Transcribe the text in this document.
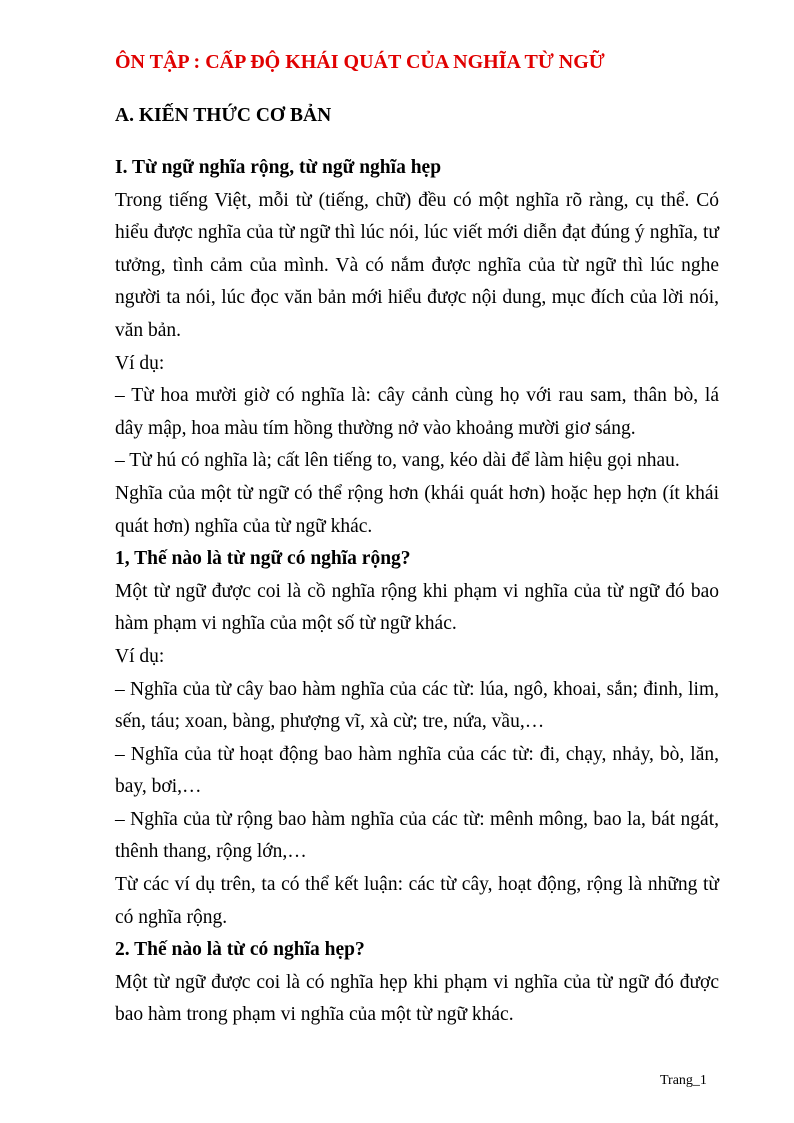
ÔN TẬP : CẤP ĐỘ KHÁI QUÁT CỦA NGHĨA TỪ NGỮ
A. KIẾN THỨC CƠ BẢN
I. Từ ngữ nghĩa rộng, từ ngữ nghĩa hẹp
Trong tiếng Việt, mỗi từ (tiếng, chữ) đều có một nghĩa rõ ràng, cụ thể. Có hiểu được nghĩa của từ ngữ thì lúc nói, lúc viết mới diễn đạt đúng ý nghĩa, tư tưởng, tình cảm của mình. Và có nắm được nghĩa của từ ngữ thì lúc nghe người ta nói, lúc đọc văn bản mới hiểu được nội dung, mục đích của lời nói, văn bản.
Ví dụ:
– Từ hoa mười giờ có nghĩa là: cây cảnh cùng họ với rau sam, thân bò, lá dây mập, hoa màu tím hồng thường nở vào khoảng mười giơ sáng.
– Từ hú có nghĩa là; cất lên tiếng to, vang, kéo dài để làm hiệu gọi nhau.
Nghĩa của một từ ngữ có thể rộng hơn (khái quát hơn) hoặc hẹp hợn (ít khái quát hơn) nghĩa của từ ngữ khác.
1, Thế nào là từ ngữ có nghĩa rộng?
Một từ ngữ được coi là cồ nghĩa rộng khi phạm vi nghĩa của từ ngữ đó bao hàm phạm vi nghĩa của một số từ ngữ khác.
Ví dụ:
– Nghĩa của từ cây bao hàm nghĩa của các từ: lúa, ngô, khoai, sắn; đinh, lim, sến, táu; xoan, bàng, phượng vĩ, xà cừ; tre, nứa, vầu,…
– Nghĩa của từ hoạt động bao hàm nghĩa của các từ: đi, chạy, nhảy, bò, lăn, bay, bơi,…
– Nghĩa của từ rộng bao hàm nghĩa của các từ: mênh mông, bao la, bát ngát, thênh thang, rộng lớn,…
Từ các ví dụ trên, ta có thể kết luận: các từ cây, hoạt động, rộng là những từ có nghĩa rộng.
2. Thế nào là từ có nghĩa hẹp?
Một từ ngữ được coi là có nghĩa hẹp khi phạm vi nghĩa của từ ngữ đó được bao hàm trong phạm vi nghĩa của một từ ngữ khác.
Trang_1
